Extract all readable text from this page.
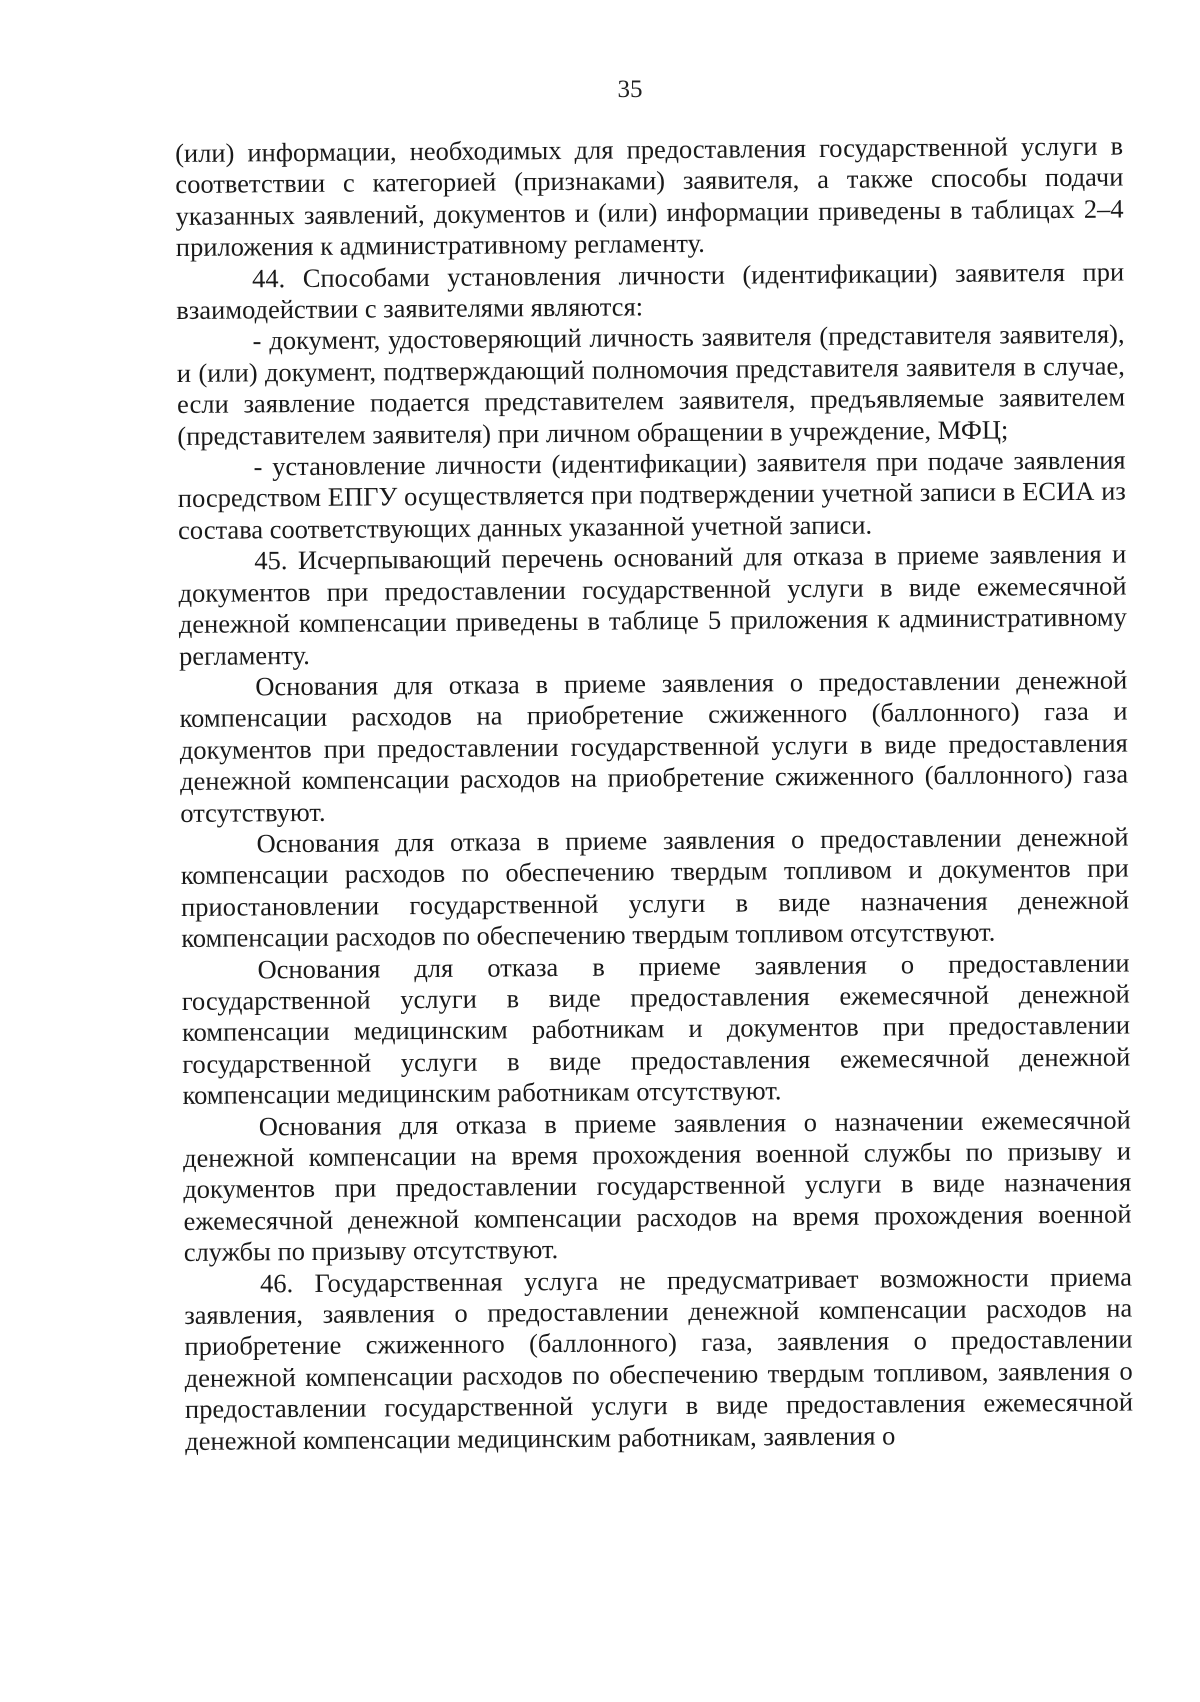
35

(или) информации, необходимых для предоставления государственной услуги в соответствии с категорией (признаками) заявителя, а также способы подачи указанных заявлений, документов и (или) информации приведены в таблицах 2–4 приложения к административному регламенту.

44. Способами установления личности (идентификации) заявителя при взаимодействии с заявителями являются:

- документ, удостоверяющий личность заявителя (представителя заявителя), и (или) документ, подтверждающий полномочия представителя заявителя в случае, если заявление подается представителем заявителя, предъявляемые заявителем (представителем заявителя) при личном обращении в учреждение, МФЦ;

- установление личности (идентификации) заявителя при подаче заявления посредством ЕПГУ осуществляется при подтверждении учетной записи в ЕСИА из состава соответствующих данных указанной учетной записи.

45. Исчерпывающий перечень оснований для отказа в приеме заявления и документов при предоставлении государственной услуги в виде ежемесячной денежной компенсации приведены в таблице 5 приложения к административному регламенту.

Основания для отказа в приеме заявления о предоставлении денежной компенсации расходов на приобретение сжиженного (баллонного) газа и документов при предоставлении государственной услуги в виде предоставления денежной компенсации расходов на приобретение сжиженного (баллонного) газа отсутствуют.

Основания для отказа в приеме заявления о предоставлении денежной компенсации расходов по обеспечению твердым топливом и документов при приостановлении государственной услуги в виде назначения денежной компенсации расходов по обеспечению твердым топливом отсутствуют.

Основания для отказа в приеме заявления о предоставлении государственной услуги в виде предоставления ежемесячной денежной компенсации медицинским работникам и документов при предоставлении государственной услуги в виде предоставления ежемесячной денежной компенсации медицинским работникам отсутствуют.

Основания для отказа в приеме заявления о назначении ежемесячной денежной компенсации на время прохождения военной службы по призыву и документов при предоставлении государственной услуги в виде назначения ежемесячной денежной компенсации расходов на время прохождения военной службы по призыву отсутствуют.

46. Государственная услуга не предусматривает возможности приема заявления, заявления о предоставлении денежной компенсации расходов на приобретение сжиженного (баллонного) газа, заявления о предоставлении денежной компенсации расходов по обеспечению твердым топливом, заявления о предоставлении государственной услуги в виде предоставления ежемесячной денежной компенсации медицинским работникам, заявления о
